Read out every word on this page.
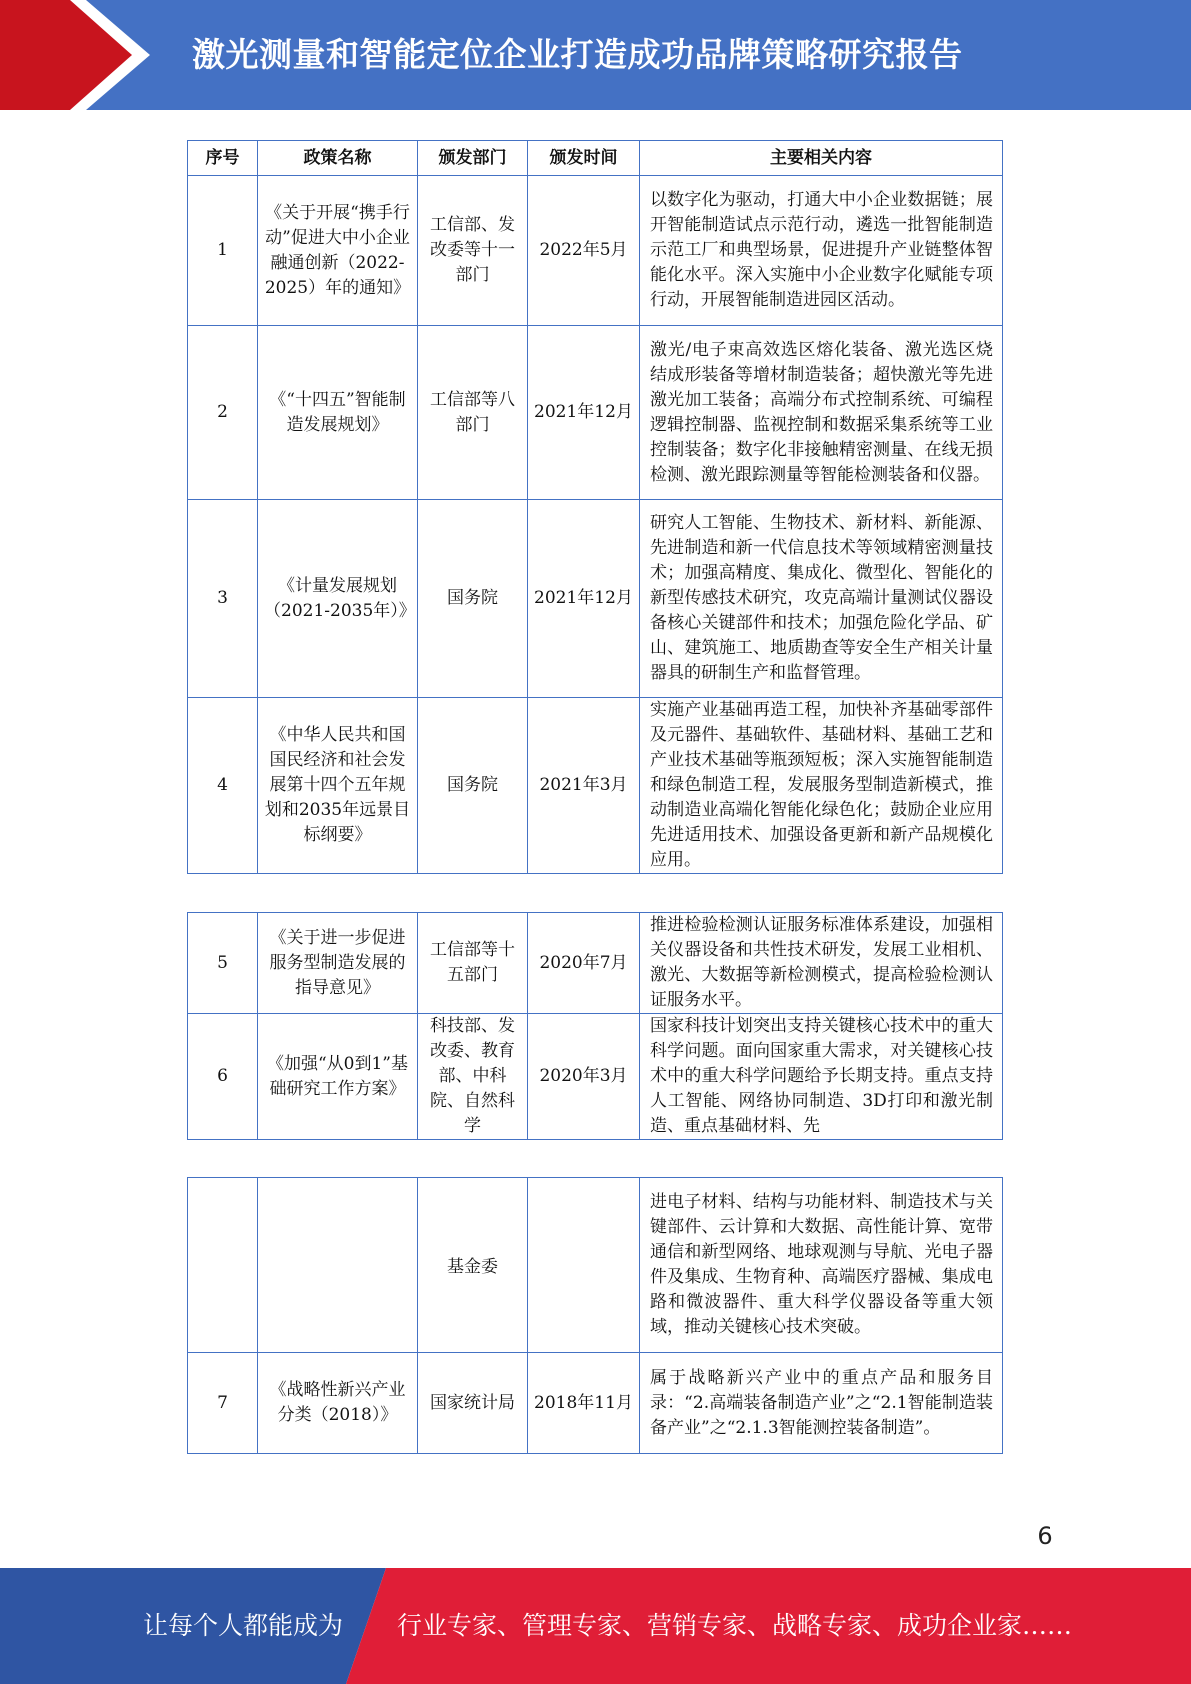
激光测量和智能定位企业打造成功品牌策略研究报告
序号	政策名称	颁发部门	颁发时间	主要相关内容
1	《关于开展“携手行动”促进大中小企业融通创新（2022-2025）年的通知》	工信部、发改委等十一部门	2022年5月	以数字化为驱动，打通大中小企业数据链；展开智能制造试点示范行动，遴选一批智能制造示范工厂和典型场景，促进提升产业链整体智能化水平。深入实施中小企业数字化赋能专项行动，开展智能制造进园区活动。
2	《“十四五”智能制造发展规划》	工信部等八部门	2021年12月	激光/电子束高效选区熔化装备、激光选区烧结成形装备等增材制造装备；超快激光等先进激光加工装备；高端分布式控制系统、可编程逻辑控制器、监视控制和数据采集系统等工业控制装备；数字化非接触精密测量、在线无损检测、激光跟踪测量等智能检测装备和仪器。
3	《计量发展规划（2021-2035年）》	国务院	2021年12月	研究人工智能、生物技术、新材料、新能源、先进制造和新一代信息技术等领域精密测量技术；加强高精度、集成化、微型化、智能化的新型传感技术研究，攻克高端计量测试仪器设备核心关键部件和技术；加强危险化学品、矿山、建筑施工、地质勘查等安全生产相关计量器具的研制生产和监督管理。
4	《中华人民共和国国民经济和社会发展第十四个五年规划和2035年远景目标纲要》	国务院	2021年3月	实施产业基础再造工程，加快补齐基础零部件及元器件、基础软件、基础材料、基础工艺和产业技术基础等瓶颈短板；深入实施智能制造和绿色制造工程，发展服务型制造新模式，推动制造业高端化智能化绿色化；鼓励企业应用先进适用技术、加强设备更新和新产品规模化应用。
5	《关于进一步促进服务型制造发展的指导意见》	工信部等十五部门	2020年7月	推进检验检测认证服务标准体系建设，加强相关仪器设备和共性技术研发，发展工业相机、激光、大数据等新检测模式，提高检验检测认证服务水平。
6	《加强“从0到1”基础研究工作方案》	科技部、发改委、教育部、中科院、自然科学	2020年3月	国家科技计划突出支持关键核心技术中的重大科学问题。面向国家重大需求，对关键核心技术中的重大科学问题给予长期支持。重点支持人工智能、网络协同制造、3D打印和激光制造、重点基础材料、先
		基金委		进电子材料、结构与功能材料、制造技术与关键部件、云计算和大数据、高性能计算、宽带通信和新型网络、地球观测与导航、光电子器件及集成、生物育种、高端医疗器械、集成电路和微波器件、重大科学仪器设备等重大领域，推动关键核心技术突破。
7	《战略性新兴产业分类（2018）》	国家统计局	2018年11月	属于战略新兴产业中的重点产品和服务目录：“2.高端装备制造产业”之“2.1智能制造装备产业”之“2.1.3智能测控装备制造”。
6
让每个人都能成为 行业专家、管理专家、营销专家、战略专家、成功企业家……
